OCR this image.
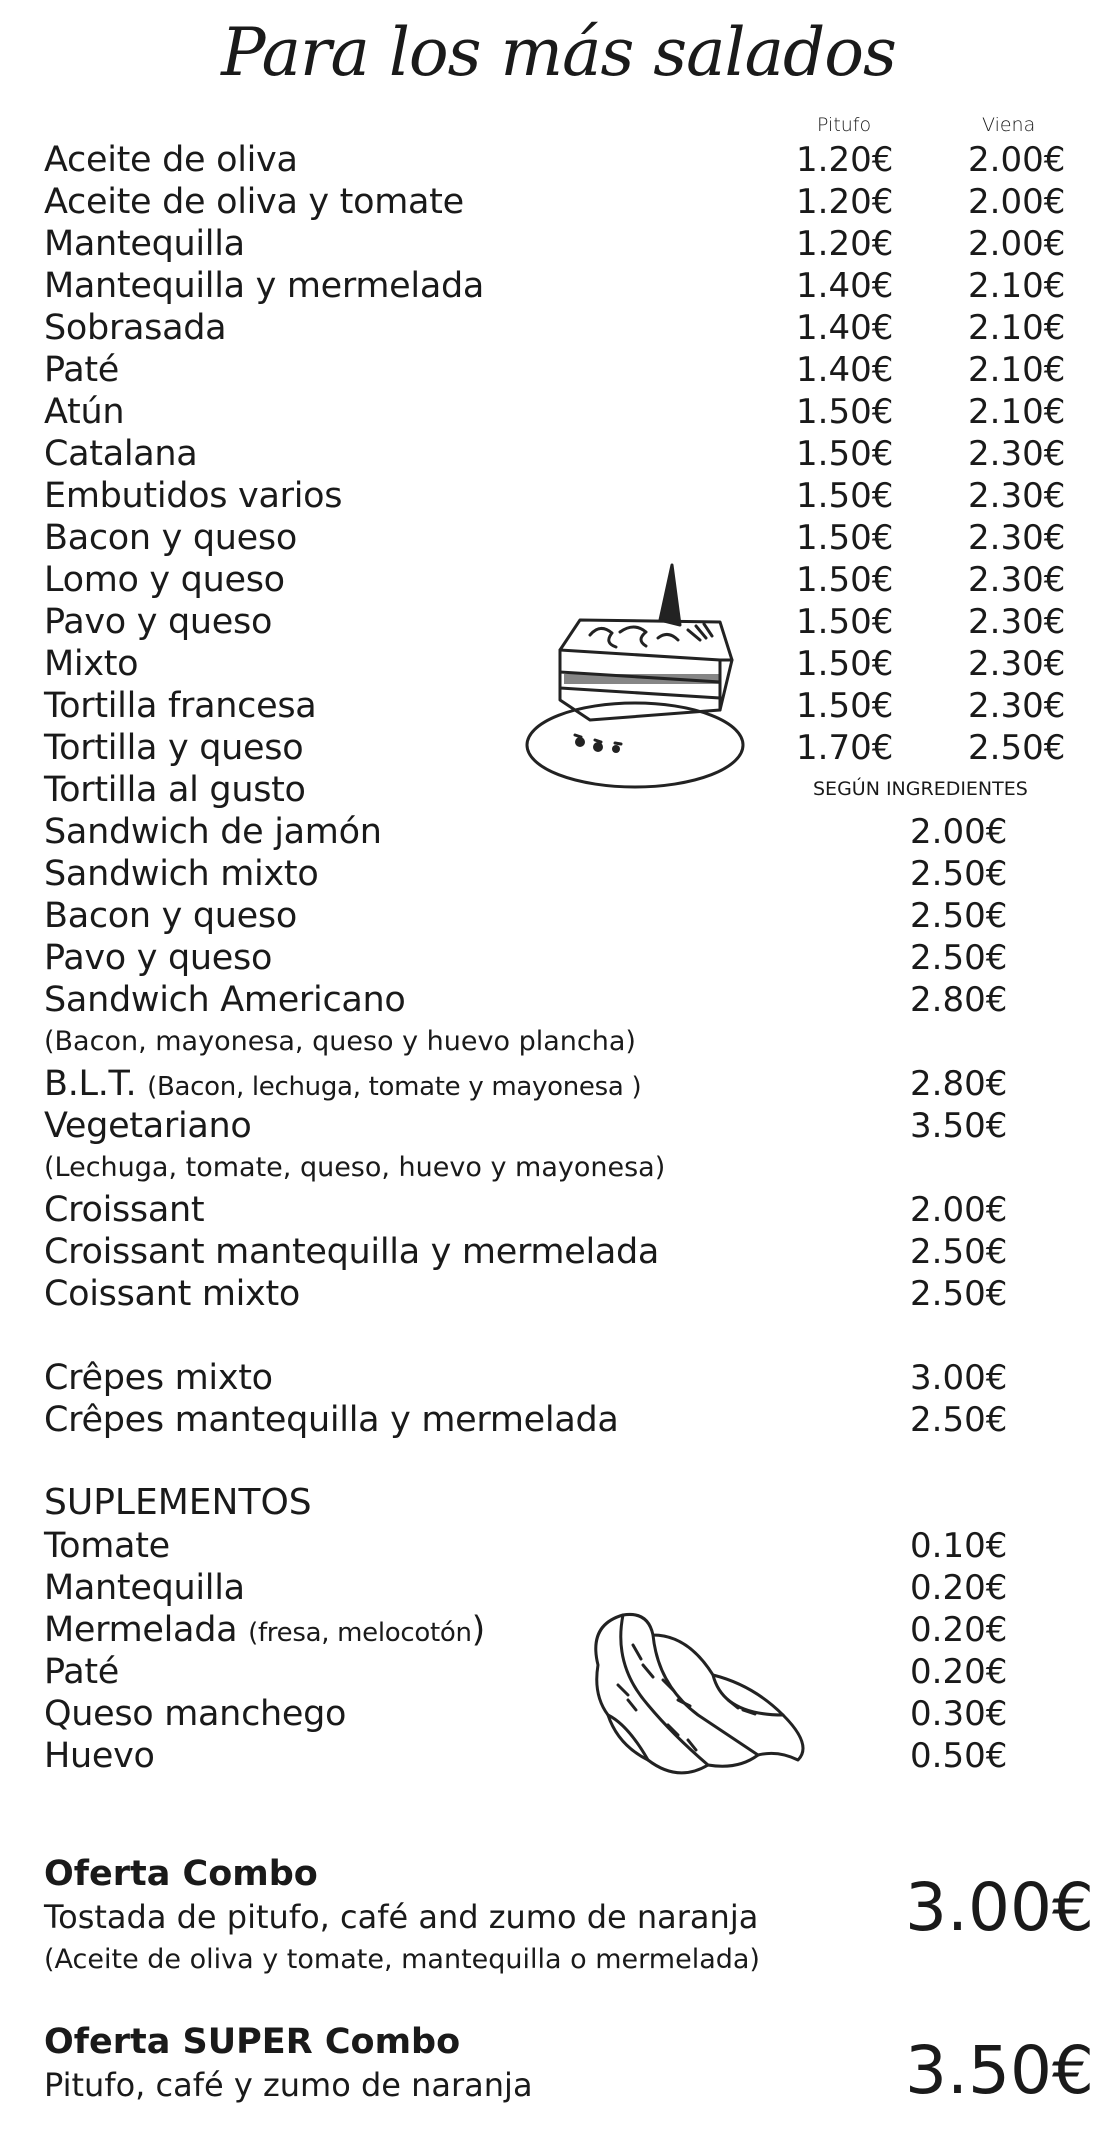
Para los más salados
Pitufo	Viena
Aceite de oliva	1.20€ 2.00€
Aceite de oliva y tomate	1.20€ 2.00€
Mantequilla	1.20€ 2.00€
Mantequilla y mermelada	1.40€ 2.10€
Sobrasada	1.40€ 2.10€
Paté	1.40€ 2.10€
Atún	1.50€ 2.10€
Catalana	1.50€ 2.30€
Embutidos varios	1.50€ 2.30€
Bacon y queso	1.50€ 2.30€
Lomo y queso	1.50€ 2.30€
Pavo y queso	1.50€ 2.30€
Mixto	1.50€ 2.30€
Tortilla francesa	1.50€ 2.30€
Tortilla y queso	1.70€ 2.50€
Tortilla al gusto	SEGÚN INGREDIENTES
Sandwich de jamón	2.00€
Sandwich mixto	2.50€
Bacon y queso	2.50€
Pavo y queso	2.50€
Sandwich Americano	2.80€
(Bacon, mayonesa, queso y huevo plancha)
B.L.T. (Bacon, lechuga, tomate y mayonesa )	2.80€
Vegetariano	3.50€
(Lechuga, tomate, queso, huevo y mayonesa)
Croissant	2.00€
Croissant mantequilla y mermelada	2.50€
Coissant mixto	2.50€
Crêpes mixto	3.00€
Crêpes mantequilla y mermelada	2.50€
SUPLEMENTOS
Tomate	0.10€
Mantequilla	0.20€
Mermelada (fresa, melocotón)	0.20€
Paté	0.20€
Queso manchego	0.30€
Huevo	0.50€
Oferta Combo
Tostada de pitufo, café and zumo de naranja
(Aceite de oliva y tomate, mantequilla o mermelada)
3.00€
Oferta SUPER Combo
Pitufo, café y zumo de naranja	3.50€
